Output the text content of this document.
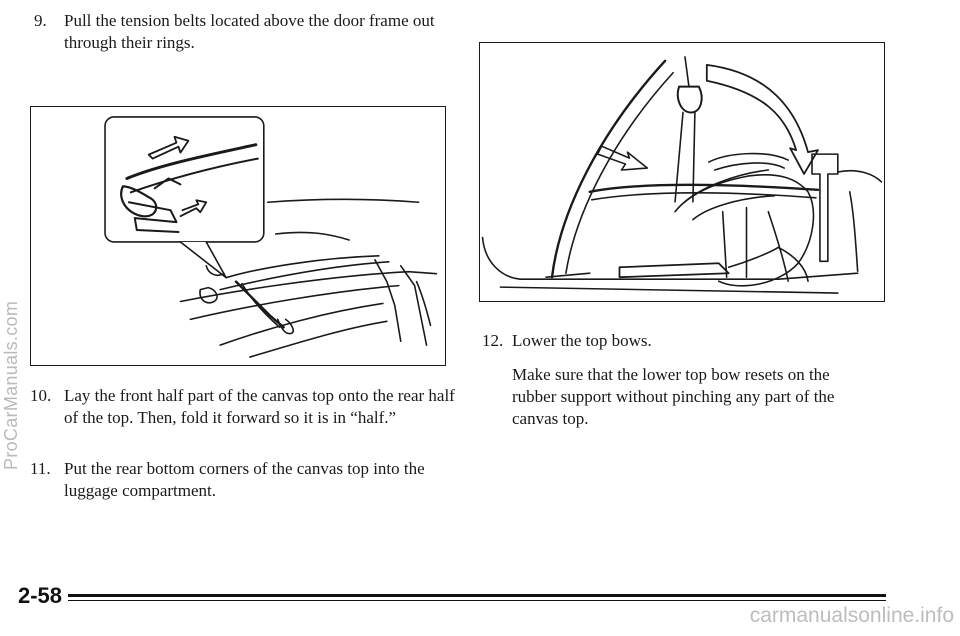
9. Pull the tension belts located above the door frame out through their rings.
10. Lay the front half part of the canvas top onto the rear half of the top. Then, fold it forward so it is in “half.”
11. Put the rear bottom corners of the canvas top into the luggage compartment.
12. Lower the top bows.
Make sure that the lower top bow resets on the rubber support without pinching any part of the canvas top.
2-58
ProCarManuals.com
carmanualsonline.info
